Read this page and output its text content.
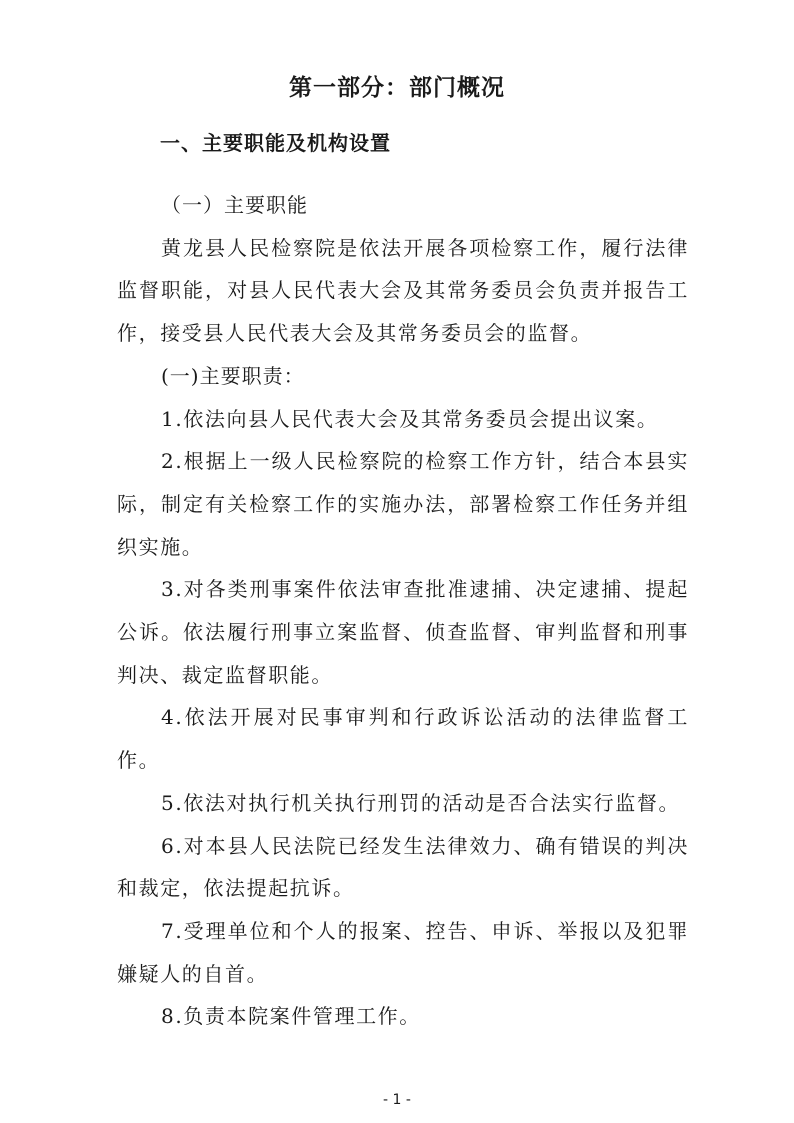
第一部分：部门概况
一、主要职能及机构设置

（一）主要职能

黄龙县人民检察院是依法开展各项检察工作，履行法律监督职能，对县人民代表大会及其常务委员会负责并报告工作，接受县人民代表大会及其常务委员会的监督。

(一)主要职责：

1.依法向县人民代表大会及其常务委员会提出议案。

2.根据上一级人民检察院的检察工作方针，结合本县实际，制定有关检察工作的实施办法，部署检察工作任务并组织实施。

3.对各类刑事案件依法审查批准逮捕、决定逮捕、提起公诉。依法履行刑事立案监督、侦查监督、审判监督和刑事判决、裁定监督职能。

4.依法开展对民事审判和行政诉讼活动的法律监督工作。

5.依法对执行机关执行刑罚的活动是否合法实行监督。

6.对本县人民法院已经发生法律效力、确有错误的判决和裁定，依法提起抗诉。

7.受理单位和个人的报案、控告、申诉、举报以及犯罪嫌疑人的自首。

8.负责本院案件管理工作。

- 1 -
